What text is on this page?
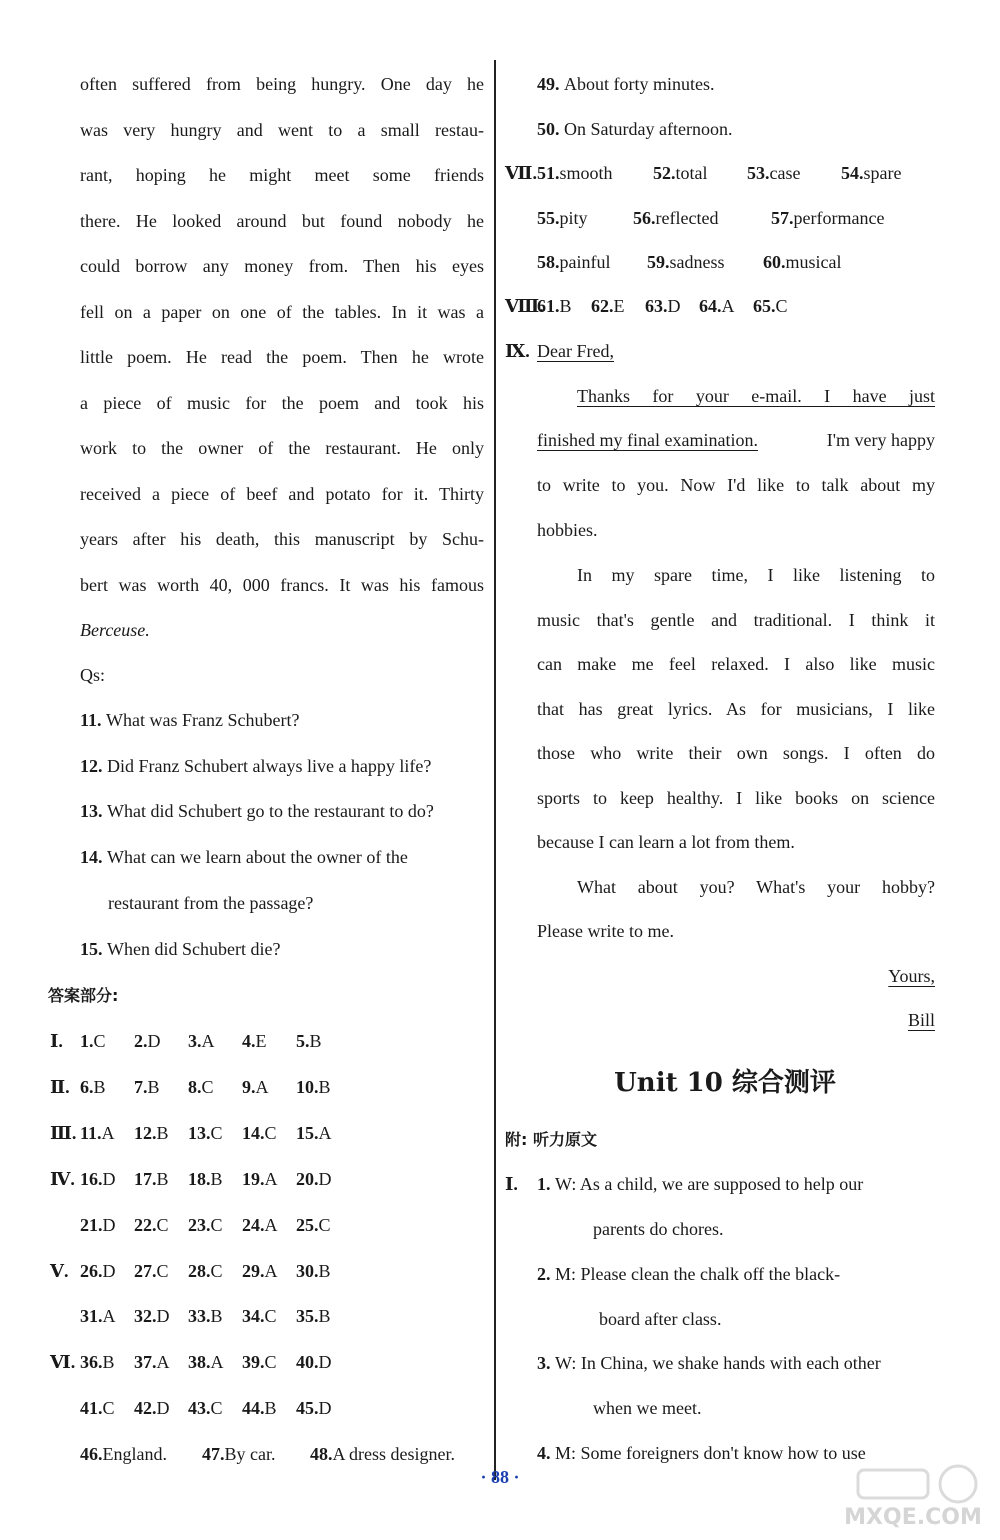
often suffered from being hungry. One day he
was very hungry and went to a small restau-
rant, hoping he might meet some friends
there. He looked around but found nobody he
could borrow any money from. Then his eyes
fell on a paper on one of the tables. In it was a
little poem. He read the poem. Then he wrote
a piece of music for the poem and took his
work to the owner of the restaurant. He only
received a piece of beef and potato for it. Thirty
years after his death, this manuscript by Schu-
bert was worth 40, 000 francs. It was his famous
Berceuse.
Qs:
11. What was Franz Schubert?
12. Did Franz Schubert always live a happy life?
13. What did Schubert go to the restaurant to do?
14. What can we learn about the owner of the
restaurant from the passage?
15. When did Schubert die?
答案部分:
Ⅰ. 1.C 2.D 3.A 4.E 5.B
Ⅱ. 6.B 7.B 8.C 9.A 10.B
Ⅲ. 11.A 12.B 13.C 14.C 15.A
Ⅳ. 16.D 17.B 18.B 19.A 20.D
21.D 22.C 23.C 24.A 25.C
Ⅴ. 26.D 27.C 28.C 29.A 30.B
31.A 32.D 33.B 34.C 35.B
Ⅵ. 36.B 37.A 38.A 39.C 40.D
41.C 42.D 43.C 44.B 45.D
46.England. 47.By car. 48.A dress designer.
49. About forty minutes.
50. On Saturday afternoon.
Ⅶ.51.smooth 52.total 53.case 54.spare
55.pity	56.reflected	57.performance
58.painful 59.sadness 60.musical
Ⅷ.61.B 62.E 63.D 64.A 65.C
Ⅸ. Dear Fred,
Thanks for your e-mail. I have just
finished my final examination.	I'm very happy
to write to you. Now I'd like to talk about my
hobbies.
In my spare time, I like listening to
music that's gentle and traditional. I think it
can make me feel relaxed. I also like music
that has great lyrics. As for musicians, I like
those who write their own songs. I often do
sports to keep healthy. I like books on science
because I can learn a lot from them.
What about you? What's your hobby?
Please write to me.
Yours,
Bill
附: 听力原文
Ⅰ. 1. W: As a child, we are supposed to help our
parents do chores.
2. M: Please clean the chalk off the black-
board after class.
3. W: In China, we shake hands with each other
when we meet.
4. M: Some foreigners don't know how to use
Unit 10 综合测评
· 88 ·
MXQE.COM
